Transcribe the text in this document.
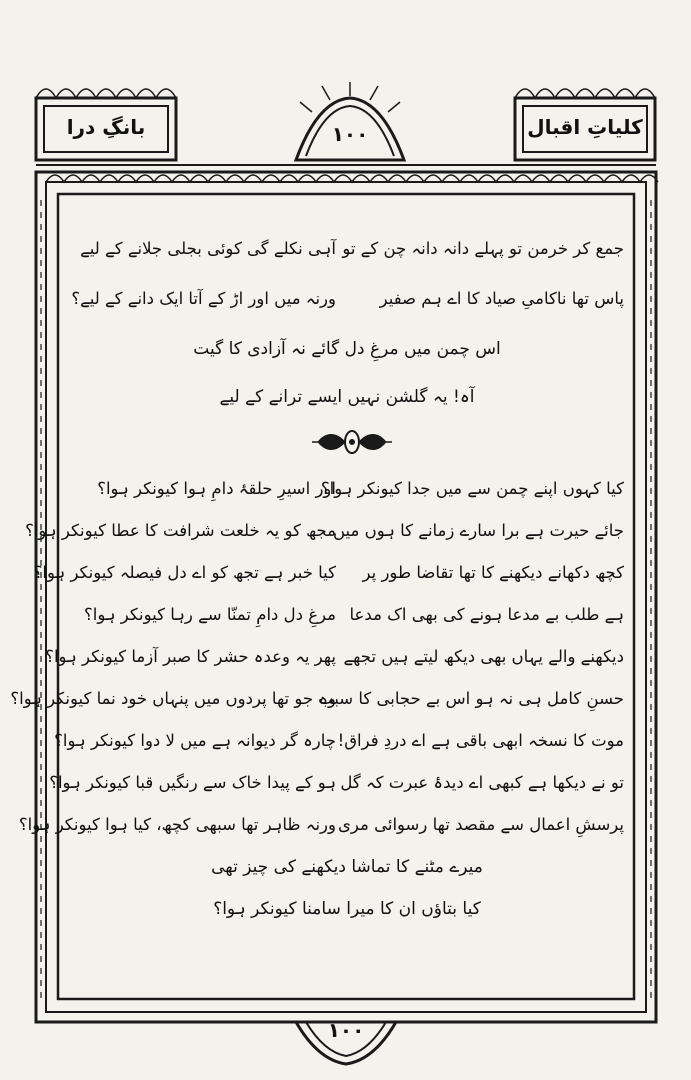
کلیاتِ اقبال
۱۰۰
بانگِ درا
جمع کر خرمن تو پہلے دانہ دانہ چن کے تو
آہی نکلے گی کوئی بجلی جلانے کے لیے
پاس تھا ناکامیِ صیاد کا اے ہم صفیر
ورنہ میں اور اڑ کے آتا ایک دانے کے لیے؟
اس چمن میں مرغِ دل گائے نہ آزادی کا گیت
آہ! یہ گلشن نہیں ایسے ترانے کے لیے
کیا کہوں اپنے چمن سے میں جدا کیونکر ہوا؟
اور اسیرِ حلقۂ دامِ ہوا کیونکر ہوا؟
جائے حیرت ہے برا سارے زمانے کا ہوں میں
مجھ کو یہ خلعت شرافت کا عطا کیونکر ہوا؟
کچھ دکھانے دیکھنے کا تھا تقاضا طور پر
کیا خبر ہے تجھ کو اے دل فیصلہ کیونکر ہوا؟
ہے طلب بے مدعا ہونے کی بھی اک مدعا
مرغِ دل دامِ تمنّا سے رہا کیونکر ہوا؟
دیکھنے والے یہاں بھی دیکھ لیتے ہیں تجھے
پھر یہ وعدہ حشر کا صبر آزما کیونکر ہوا؟
حسنِ کامل ہی نہ ہو اس بے حجابی کا سبب
وہ جو تھا پردوں میں پنہاں خود نما کیونکر ہوا؟
موت کا نسخہ ابھی باقی ہے اے دردِ فراق!
چارہ گر دیوانہ ہے میں لا دوا کیونکر ہوا؟
تو نے دیکھا ہے کبھی اے دیدۂ عبرت کہ گل
ہو کے پیدا خاک سے رنگیں قبا کیونکر ہوا؟
پرسشِ اعمال سے مقصد تھا رسوائی مری
ورنہ ظاہر تھا سبھی کچھ، کیا ہوا کیونکر ہوا؟
میرے مٹنے کا تماشا دیکھنے کی چیز تھی
کیا بتاؤں ان کا میرا سامنا کیونکر ہوا؟
۱۰۰
